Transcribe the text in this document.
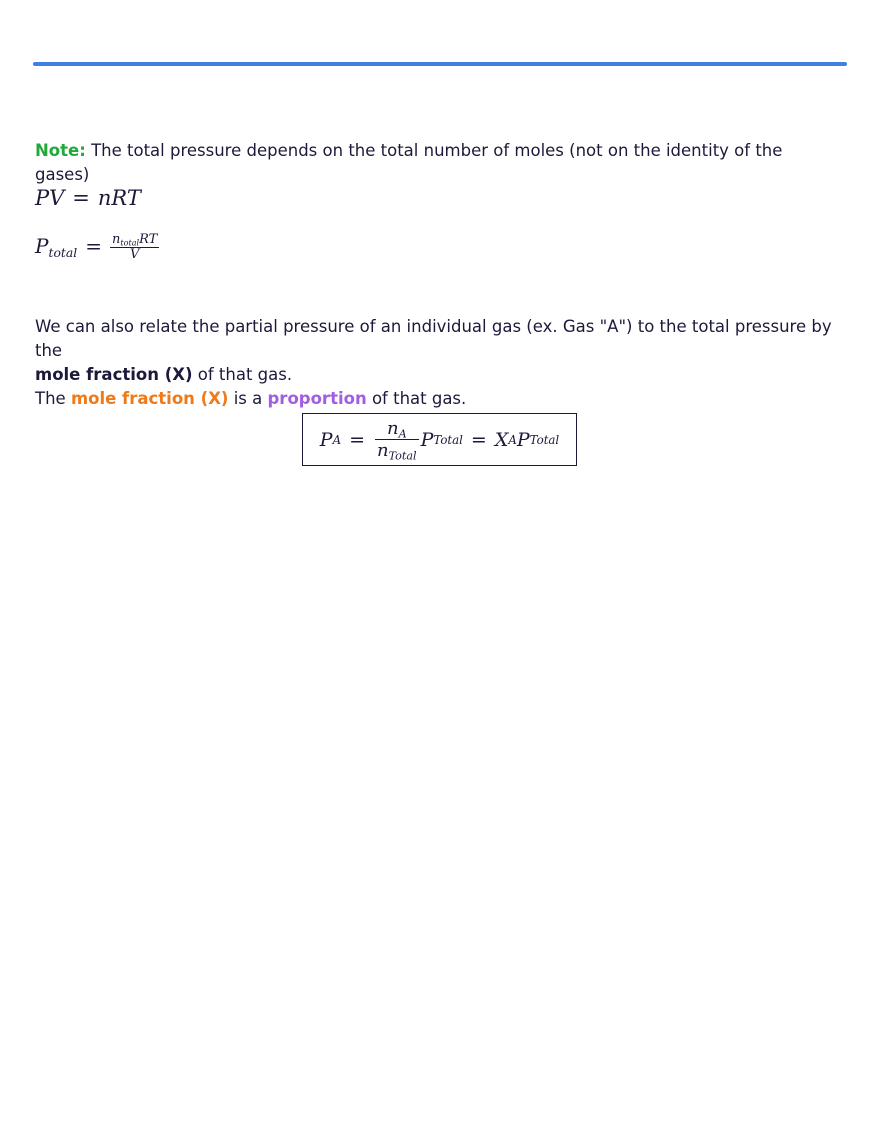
Note: The total pressure depends on the total number of moles (not on the identity of the gases)

PV = nRT
$P_{total} = \frac{n_{total}RT}{V}$

We can also relate the partial pressure of an individual gas (ex. Gas "A") to the total pressure by the
mole fraction (X) of that gas.
The mole fraction (X) is a proportion of that gas.

P $A = \frac{n_A}{n_{Total}}$ P Total = X A P Total
